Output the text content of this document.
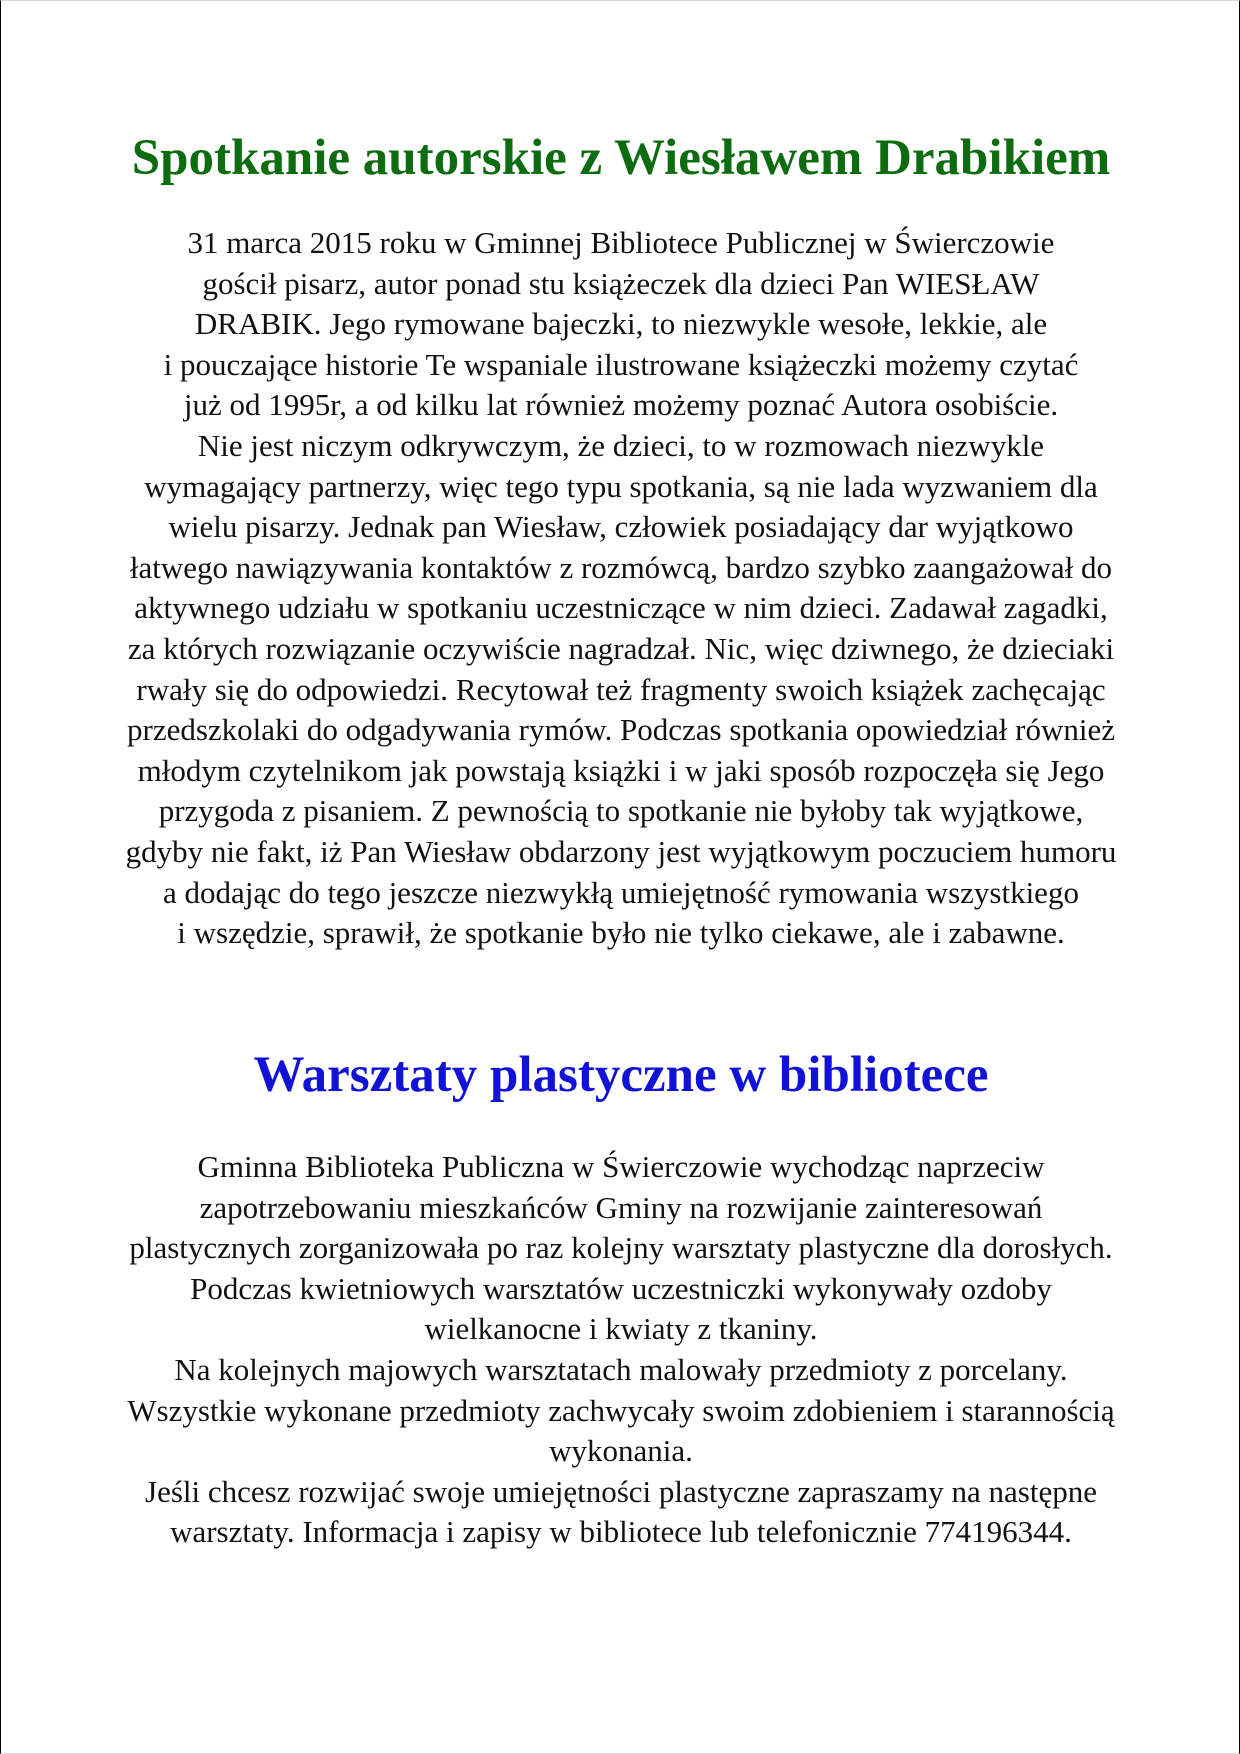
Spotkanie autorskie z Wiesławem Drabikiem
31 marca 2015 roku w Gminnej Bibliotece Publicznej w Świerczowie
gościł pisarz, autor ponad stu książeczek dla dzieci Pan WIESŁAW
DRABIK. Jego rymowane bajeczki, to niezwykle wesołe, lekkie, ale
i pouczające historie Te wspaniale ilustrowane książeczki możemy czytać
już od 1995r, a od kilku lat również możemy poznać Autora osobiście.
Nie jest niczym odkrywczym, że dzieci, to w rozmowach niezwykle
wymagający partnerzy, więc tego typu spotkania, są nie lada wyzwaniem dla
wielu pisarzy. Jednak pan Wiesław, człowiek posiadający dar wyjątkowo
łatwego nawiązywania kontaktów z rozmówcą, bardzo szybko zaangażował do
aktywnego udziału w spotkaniu uczestniczące w nim dzieci. Zadawał zagadki,
za których rozwiązanie oczywiście nagradzał. Nic, więc dziwnego, że dzieciaki
rwały się do odpowiedzi. Recytował też fragmenty swoich książek zachęcając
przedszkolaki do odgadywania rymów. Podczas spotkania opowiedział również
młodym czytelnikom jak powstają książki i w jaki sposób rozpoczęła się Jego
przygoda z pisaniem. Z pewnością to spotkanie nie byłoby tak wyjątkowe,
gdyby nie fakt, iż Pan Wiesław obdarzony jest wyjątkowym poczuciem humoru
a dodając do tego jeszcze niezwykłą umiejętność rymowania wszystkiego
i wszędzie, sprawił, że spotkanie było nie tylko ciekawe, ale i zabawne.
Warsztaty plastyczne w bibliotece
Gminna Biblioteka Publiczna w Świerczowie wychodząc naprzeciw
zapotrzebowaniu mieszkańców Gminy na rozwijanie zainteresowań
plastycznych zorganizowała po raz kolejny warsztaty plastyczne dla dorosłych.
Podczas kwietniowych warsztatów uczestniczki wykonywały ozdoby
wielkanocne i kwiaty z tkaniny.
Na kolejnych majowych warsztatach malowały przedmioty z porcelany.
Wszystkie wykonane przedmioty zachwycały swoim zdobieniem i starannością
wykonania.
Jeśli chcesz rozwijać swoje umiejętności plastyczne zapraszamy na następne
warsztaty. Informacja i zapisy w bibliotece lub telefonicznie 774196344.
